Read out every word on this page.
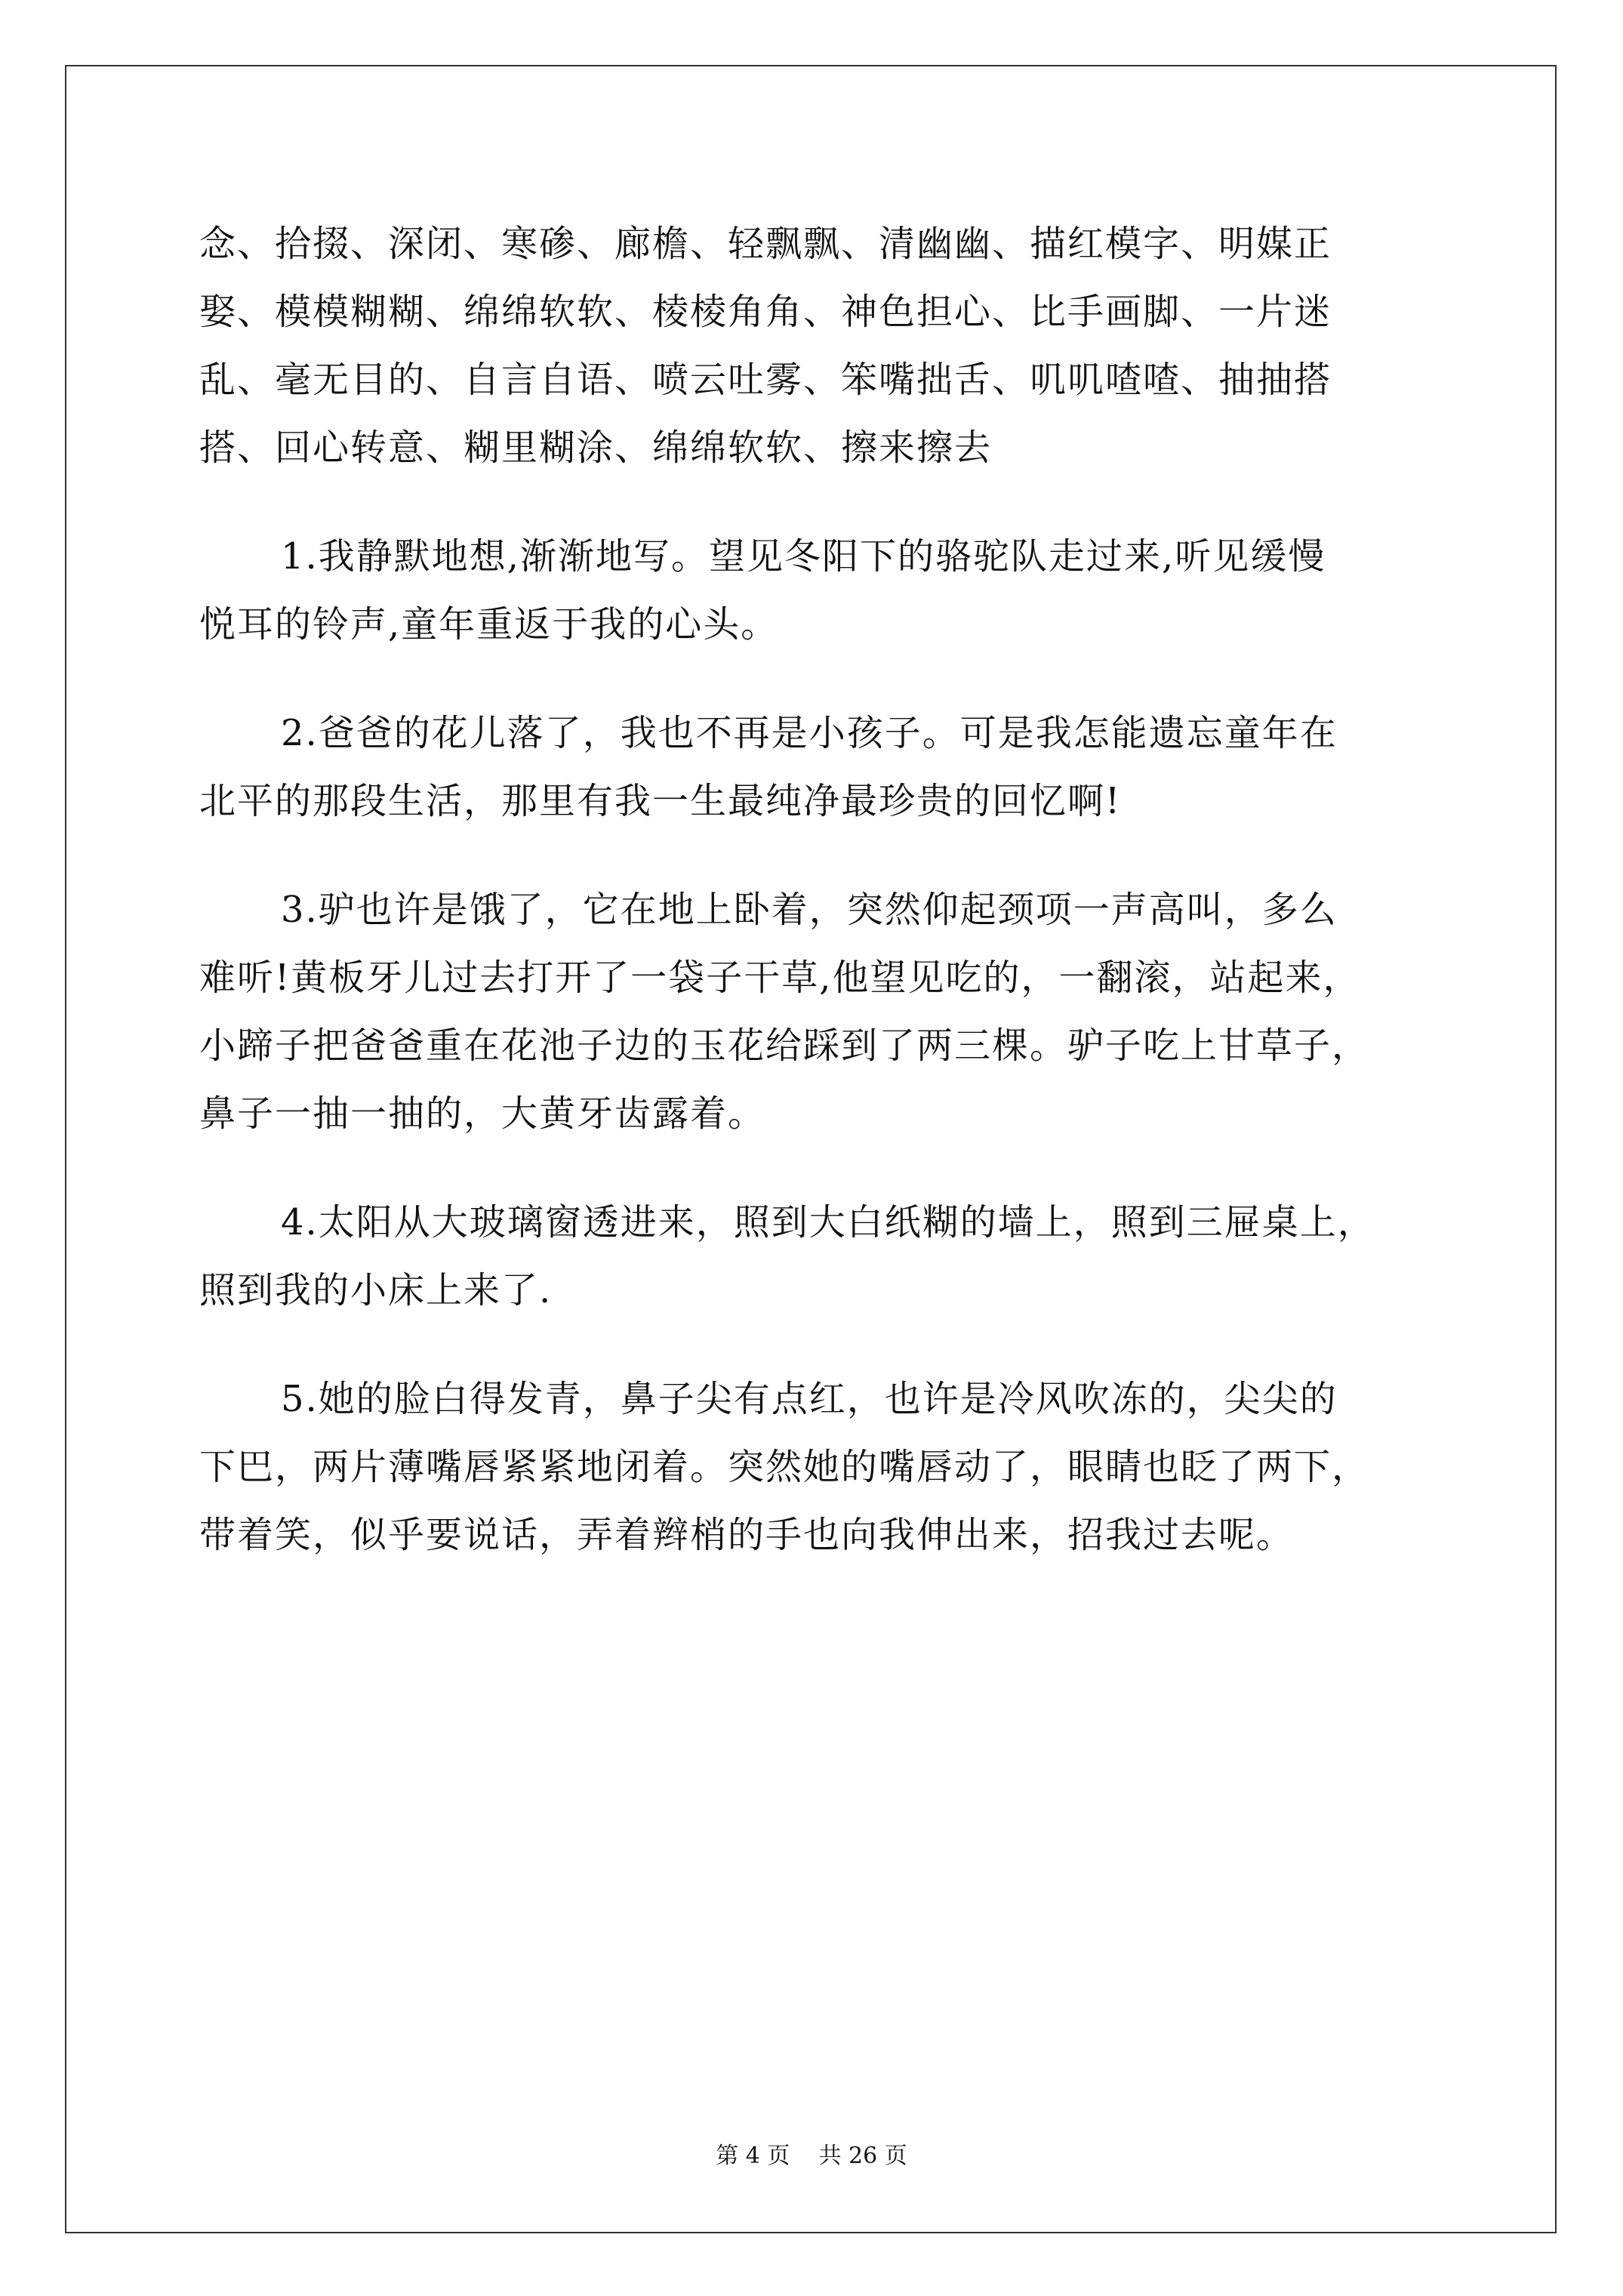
念、拾掇、深闭、寒碜、廊檐、轻飘飘、清幽幽、描红模字、明媒正
娶、模模糊糊、绵绵软软、棱棱角角、神色担心、比手画脚、一片迷
乱、毫无目的、自言自语、喷云吐雾、笨嘴拙舌、叽叽喳喳、抽抽搭
搭、回心转意、糊里糊涂、绵绵软软、擦来擦去
1.我静默地想,渐渐地写。望见冬阳下的骆驼队走过来,听见缓慢
悦耳的铃声,童年重返于我的心头。
2.爸爸的花儿落了，我也不再是小孩子。可是我怎能遗忘童年在
北平的那段生活，那里有我一生最纯净最珍贵的回忆啊!
3.驴也许是饿了，它在地上卧着，突然仰起颈项一声高叫，多么
难听!黄板牙儿过去打开了一袋子干草,他望见吃的，一翻滚，站起来，
小蹄子把爸爸重在花池子边的玉花给踩到了两三棵。驴子吃上甘草子，
鼻子一抽一抽的，大黄牙齿露着。
4.太阳从大玻璃窗透进来，照到大白纸糊的墙上，照到三屉桌上，
照到我的小床上来了.
5.她的脸白得发青，鼻子尖有点红，也许是冷风吹冻的，尖尖的
下巴，两片薄嘴唇紧紧地闭着。突然她的嘴唇动了，眼睛也眨了两下，
带着笑，似乎要说话，弄着辫梢的手也向我伸出来，招我过去呢。
第 4 页    共 26 页
